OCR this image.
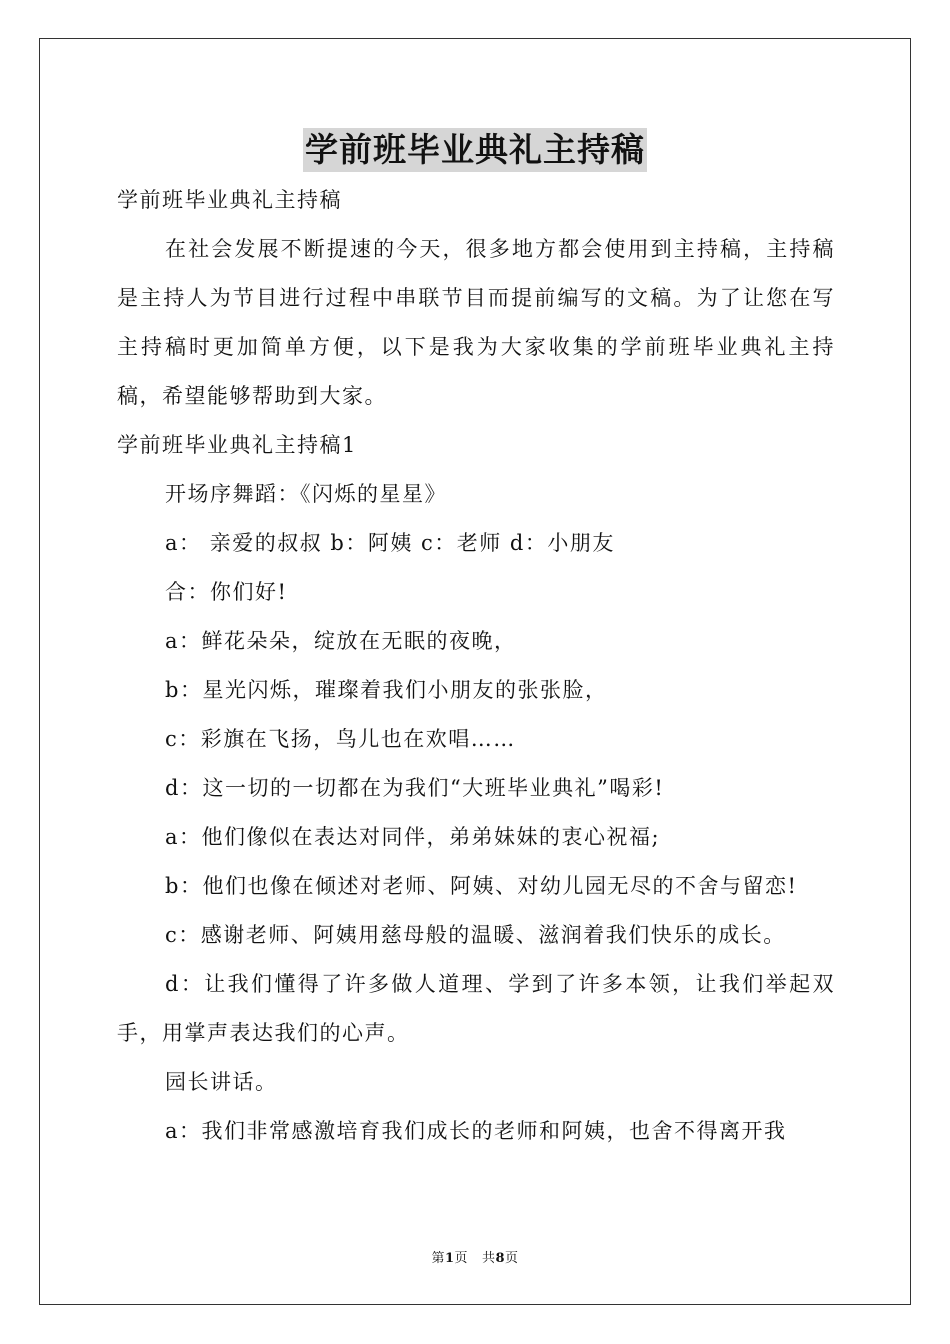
学前班毕业典礼主持稿

学前班毕业典礼主持稿

在社会发展不断提速的今天，很多地方都会使用到主持稿，主持稿是主持人为节目进行过程中串联节目而提前编写的文稿。为了让您在写主持稿时更加简单方便，以下是我为大家收集的学前班毕业典礼主持稿，希望能够帮助到大家。

学前班毕业典礼主持稿1

开场序舞蹈：《闪烁的星星》

a： 亲爱的叔叔 b：阿姨 c：老师 d：小朋友

合：你们好!

a：鲜花朵朵，绽放在无眠的夜晚，

b：星光闪烁，璀璨着我们小朋友的张张脸，

c：彩旗在飞扬，鸟儿也在欢唱……

d：这一切的一切都在为我们“大班毕业典礼”喝彩!

a：他们像似在表达对同伴，弟弟妹妹的衷心祝福;

b：他们也像在倾述对老师、阿姨、对幼儿园无尽的不舍与留恋!

c：感谢老师、阿姨用慈母般的温暖、滋润着我们快乐的成长。

d：让我们懂得了许多做人道理、学到了许多本领，让我们举起双手，用掌声表达我们的心声。

园长讲话。

a：我们非常感激培育我们成长的老师和阿姨，也舍不得离开我

第1页 共8页
